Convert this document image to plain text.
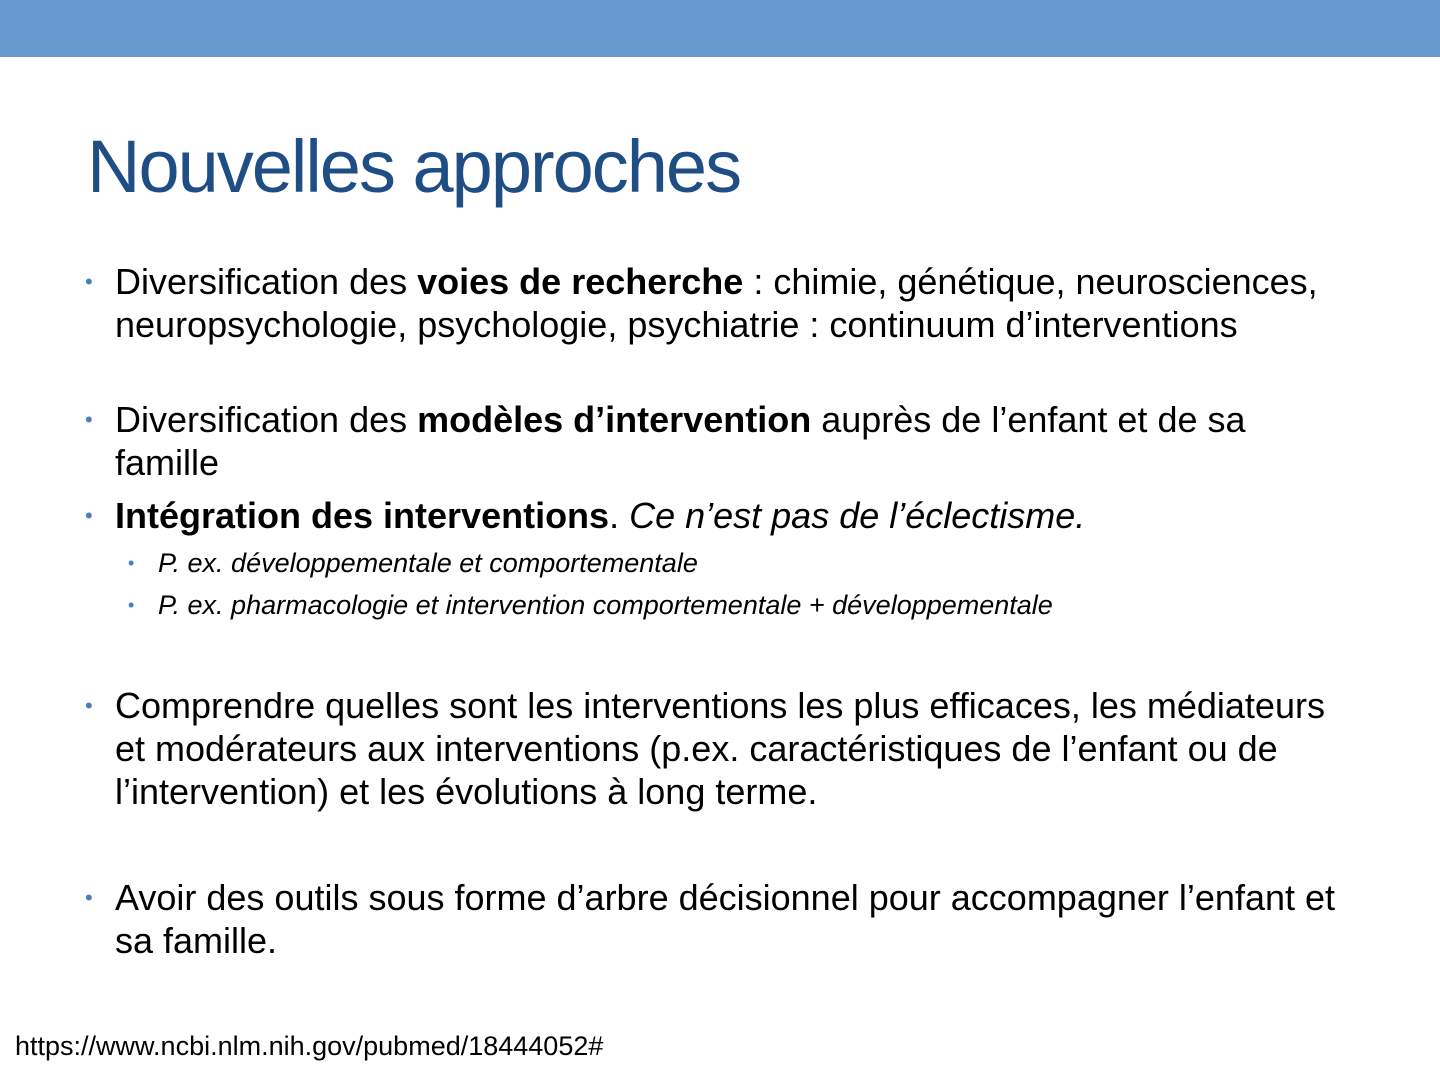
Nouvelles approches
• Diversification des voies de recherche : chimie, génétique, neurosciences, neuropsychologie, psychologie, psychiatrie : continuum d’interventions
• Diversification des modèles d’intervention auprès de l’enfant et de sa famille
• Intégration des interventions. Ce n’est pas de l’éclectisme.
• P. ex. développementale et comportementale
• P. ex. pharmacologie et intervention comportementale + développementale
• Comprendre quelles sont les interventions les plus efficaces, les médiateurs et modérateurs aux interventions (p.ex. caractéristiques de l’enfant ou de l’intervention) et les évolutions à long terme.
• Avoir des outils sous forme d’arbre décisionnel pour accompagner l’enfant et sa famille.
https://www.ncbi.nlm.nih.gov/pubmed/18444052#
